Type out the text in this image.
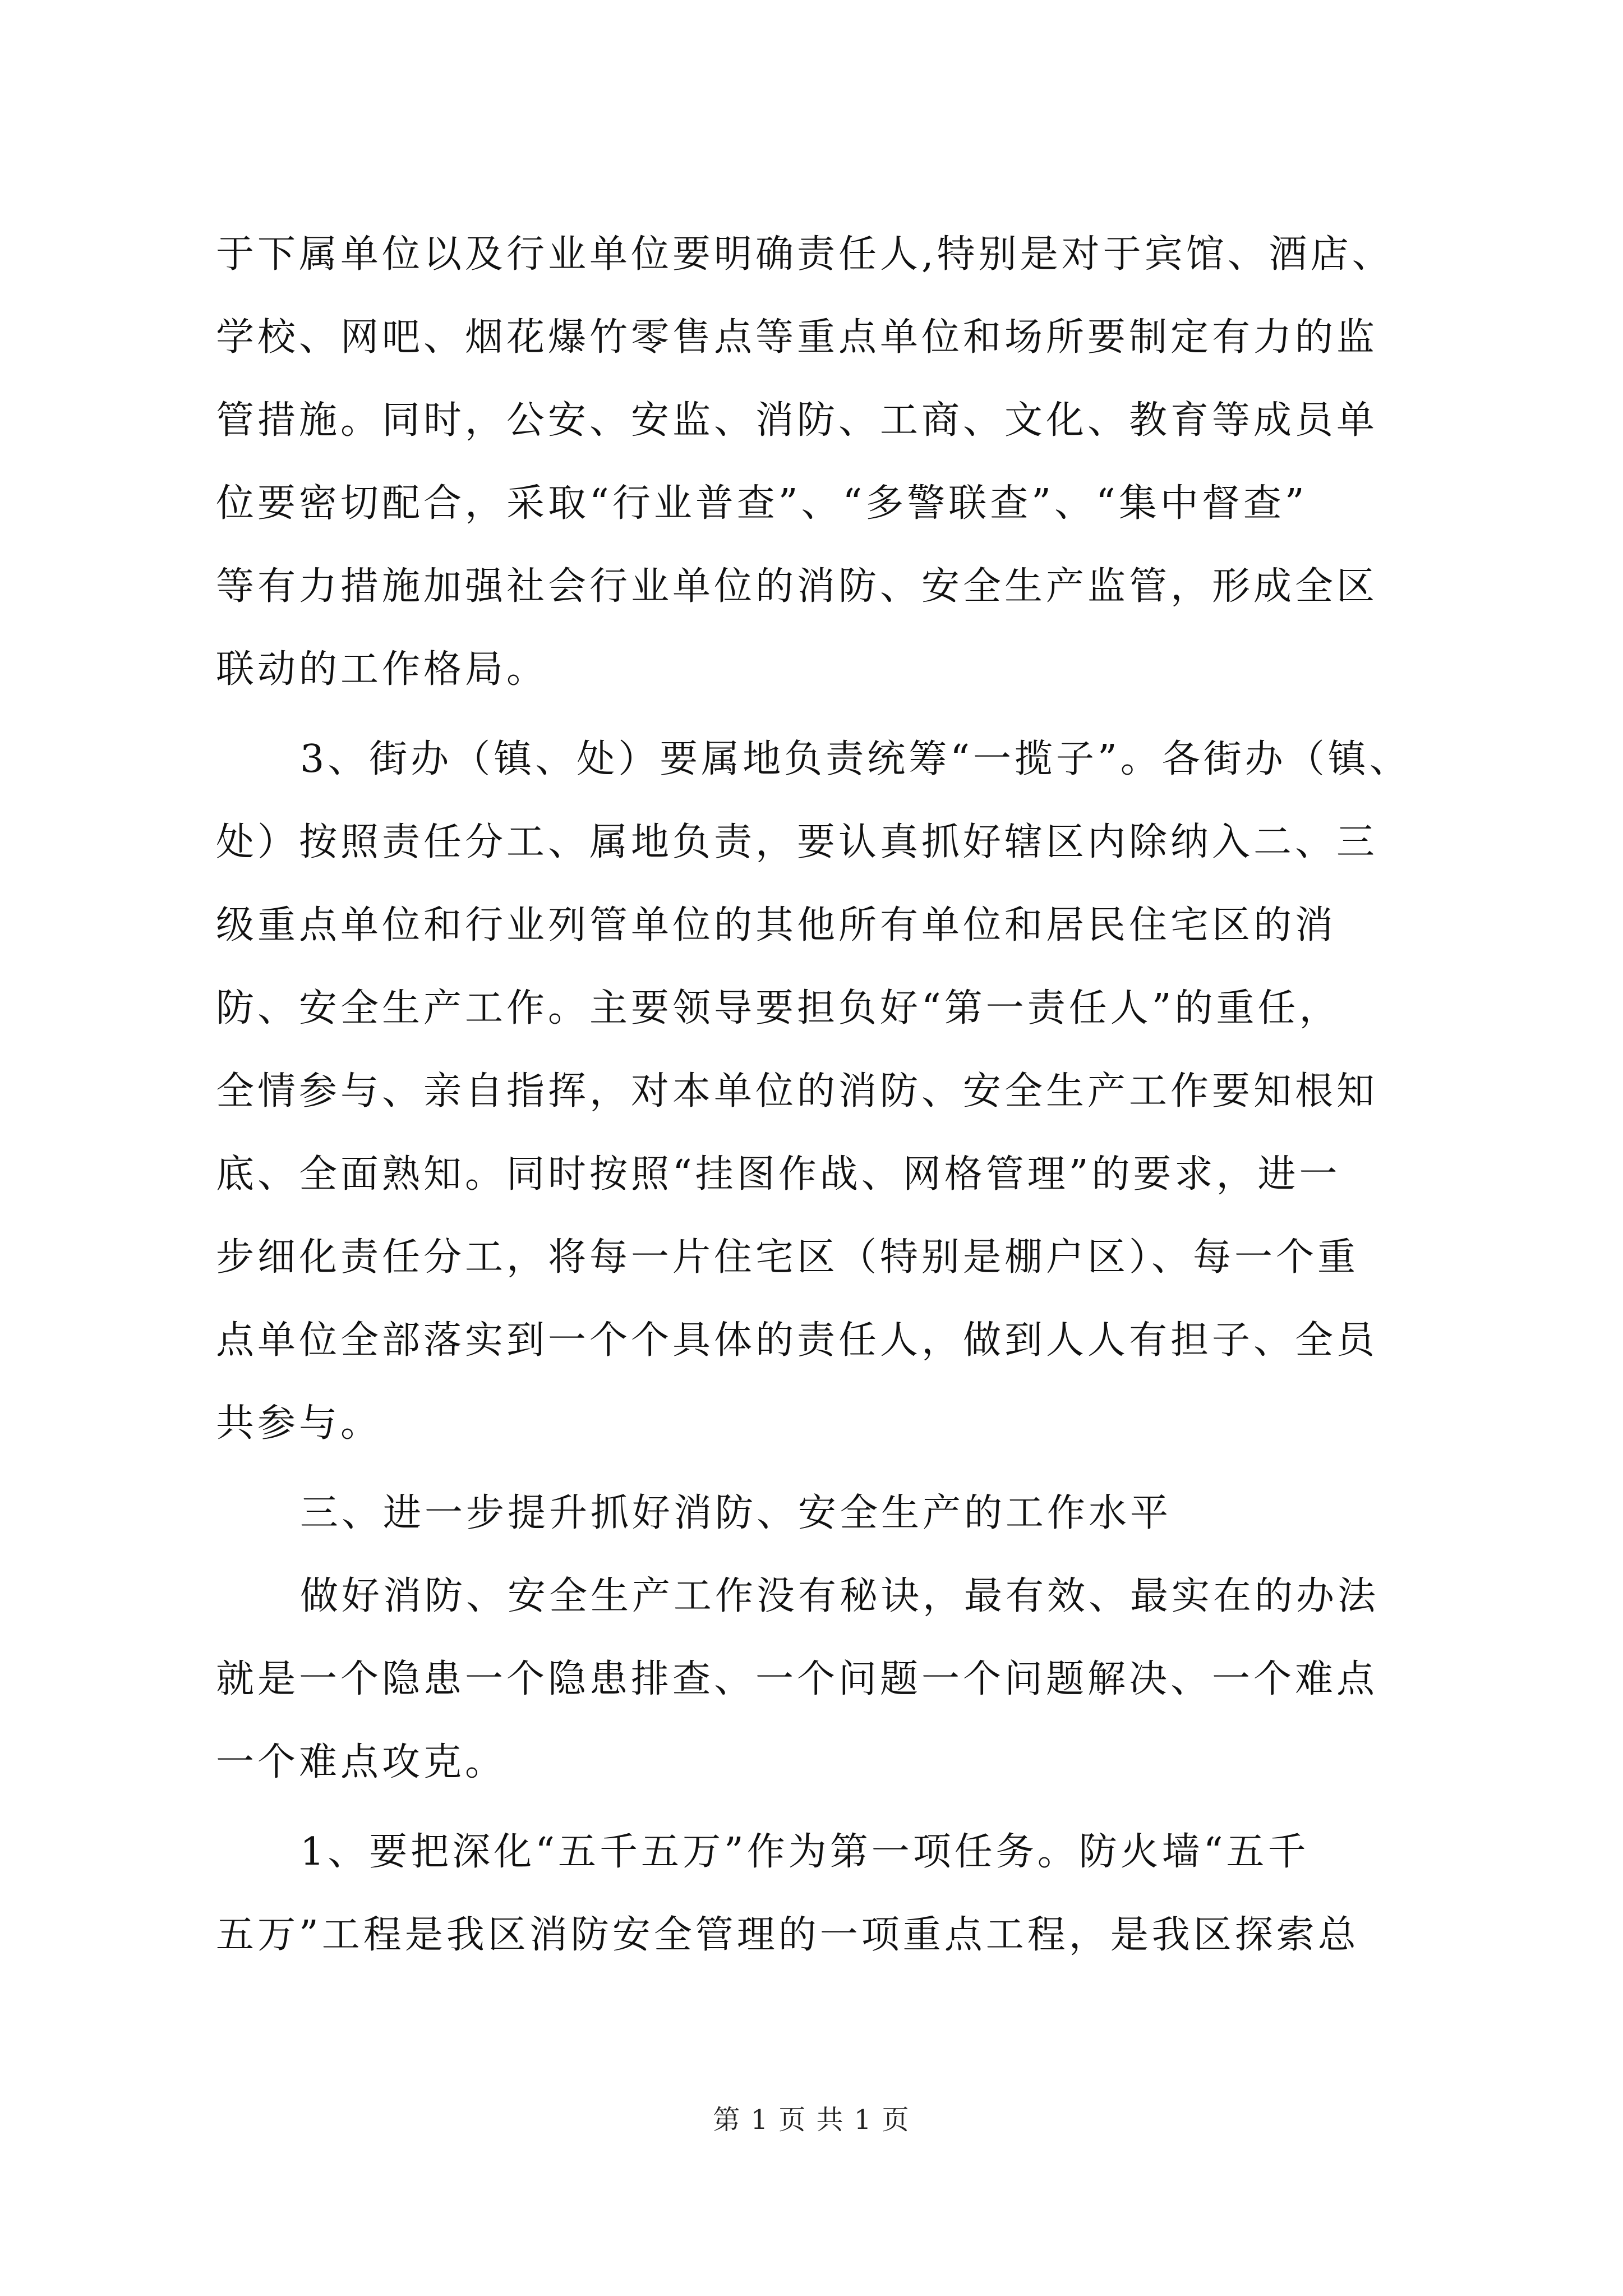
于下属单位以及行业单位要明确责任人,特别是对于宾馆、酒店、
学校、网吧、烟花爆竹零售点等重点单位和场所要制定有力的监
管措施。同时，公安、安监、消防、工商、文化、教育等成员单
位要密切配合，采取“行业普查”、“多警联查”、“集中督查”
等有力措施加强社会行业单位的消防、安全生产监管，形成全区
联动的工作格局。

3、街办（镇、处）要属地负责统筹“一揽子”。各街办（镇、
处）按照责任分工、属地负责，要认真抓好辖区内除纳入二、三
级重点单位和行业列管单位的其他所有单位和居民住宅区的消
防、安全生产工作。主要领导要担负好“第一责任人”的重任，
全情参与、亲自指挥，对本单位的消防、安全生产工作要知根知
底、全面熟知。同时按照“挂图作战、网格管理”的要求，进一
步细化责任分工，将每一片住宅区（特别是棚户区）、每一个重
点单位全部落实到一个个具体的责任人，做到人人有担子、全员
共参与。

三、进一步提升抓好消防、安全生产的工作水平

做好消防、安全生产工作没有秘诀，最有效、最实在的办法
就是一个隐患一个隐患排查、一个问题一个问题解决、一个难点
一个难点攻克。

1、要把深化“五千五万”作为第一项任务。防火墙“五千
五万”工程是我区消防安全管理的一项重点工程，是我区探索总

第 1 页 共 1 页
